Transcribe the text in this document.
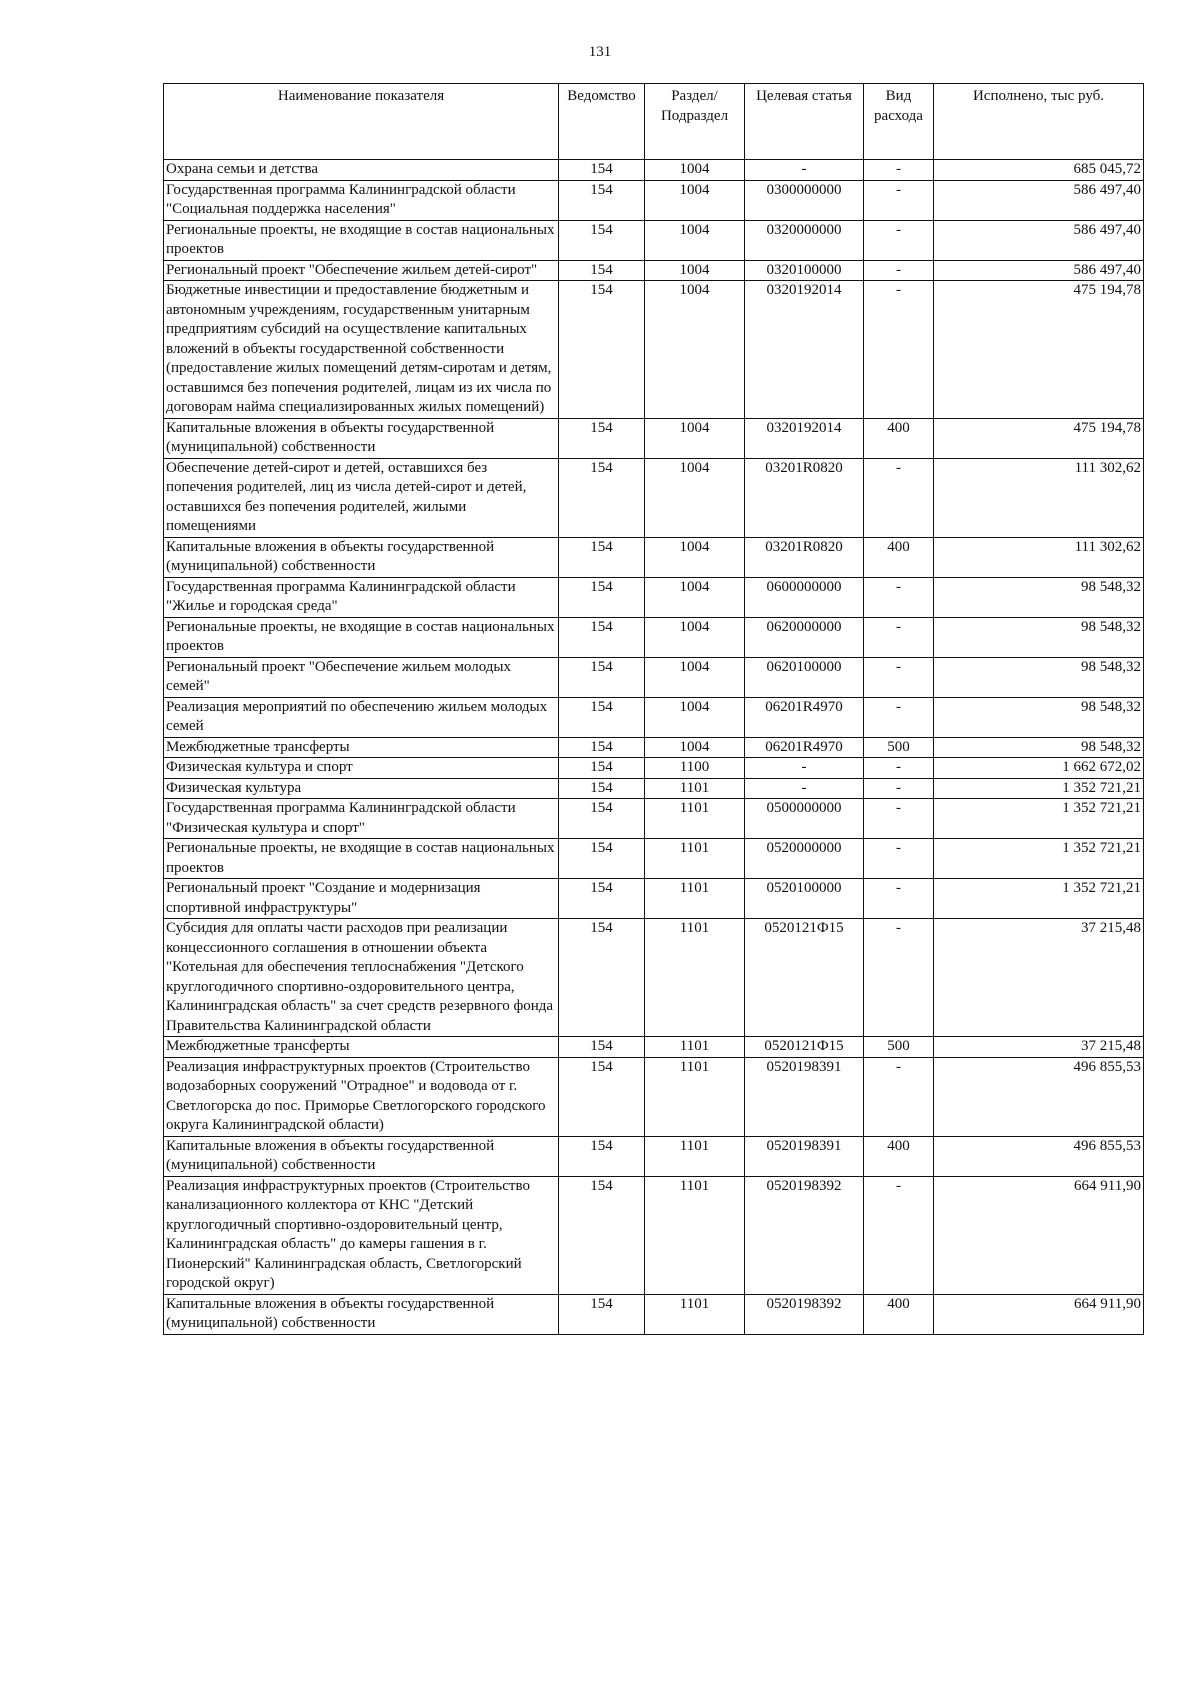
131
Наименование показателя	Ведомство	Раздел/ Подраздел	Целевая статья	Вид расхода	Исполнено, тыс руб.
Охрана семьи и детства	154	1004	-	-	685 045,72
Государственная программа Калининградской области "Социальная поддержка населения"	154	1004	0300000000	-	586 497,40
Региональные проекты, не входящие в состав национальных проектов	154	1004	0320000000	-	586 497,40
Региональный проект "Обеспечение жильем детей-сирот"	154	1004	0320100000	-	586 497,40
Бюджетные инвестиции и предоставление бюджетным и автономным учреждениям, государственным унитарным предприятиям субсидий на осуществление капитальных вложений в объекты государственной собственности (предоставление жилых помещений детям-сиротам и детям, оставшимся без попечения родителей, лицам из их числа по договорам найма специализированных жилых помещений)	154	1004	0320192014	-	475 194,78
Капитальные вложения в объекты государственной (муниципальной) собственности	154	1004	0320192014	400	475 194,78
Обеспечение детей-сирот и детей, оставшихся без попечения родителей, лиц из числа детей-сирот и детей, оставшихся без попечения родителей, жилыми помещениями	154	1004	03201R0820	-	111 302,62
Капитальные вложения в объекты государственной (муниципальной) собственности	154	1004	03201R0820	400	111 302,62
Государственная программа Калининградской области "Жилье и городская среда"	154	1004	0600000000	-	98 548,32
Региональные проекты, не входящие в состав национальных проектов	154	1004	0620000000	-	98 548,32
Региональный проект "Обеспечение жильем молодых семей"	154	1004	0620100000	-	98 548,32
Реализация мероприятий по обеспечению жильем молодых семей	154	1004	06201R4970	-	98 548,32
Межбюджетные трансферты	154	1004	06201R4970	500	98 548,32
Физическая культура и спорт	154	1100	-	-	1 662 672,02
Физическая культура	154	1101	-	-	1 352 721,21
Государственная программа Калининградской области "Физическая культура и спорт"	154	1101	0500000000	-	1 352 721,21
Региональные проекты, не входящие в состав национальных проектов	154	1101	0520000000	-	1 352 721,21
Региональный проект "Создание и модернизация спортивной инфраструктуры"	154	1101	0520100000	-	1 352 721,21
Субсидия для оплаты части расходов при реализации концессионного соглашения в отношении объекта "Котельная для обеспечения теплоснабжения "Детского круглогодичного спортивно-оздоровительного центра, Калининградская область" за счет средств резервного фонда Правительства Калининградской области	154	1101	0520121Ф15	-	37 215,48
Межбюджетные трансферты	154	1101	0520121Ф15	500	37 215,48
Реализация инфраструктурных проектов (Строительство водозаборных сооружений "Отрадное" и водовода от г. Светлогорска до пос. Приморье Светлогорского городского округа Калининградской области)	154	1101	0520198391	-	496 855,53
Капитальные вложения в объекты государственной (муниципальной) собственности	154	1101	0520198391	400	496 855,53
Реализация инфраструктурных проектов (Строительство канализационного коллектора от КНС "Детский круглогодичный спортивно-оздоровительный центр, Калининградская область" до камеры гашения в г. Пионерский" Калининградская область, Светлогорский городской округ)	154	1101	0520198392	-	664 911,90
Капитальные вложения в объекты государственной (муниципальной) собственности	154	1101	0520198392	400	664 911,90
